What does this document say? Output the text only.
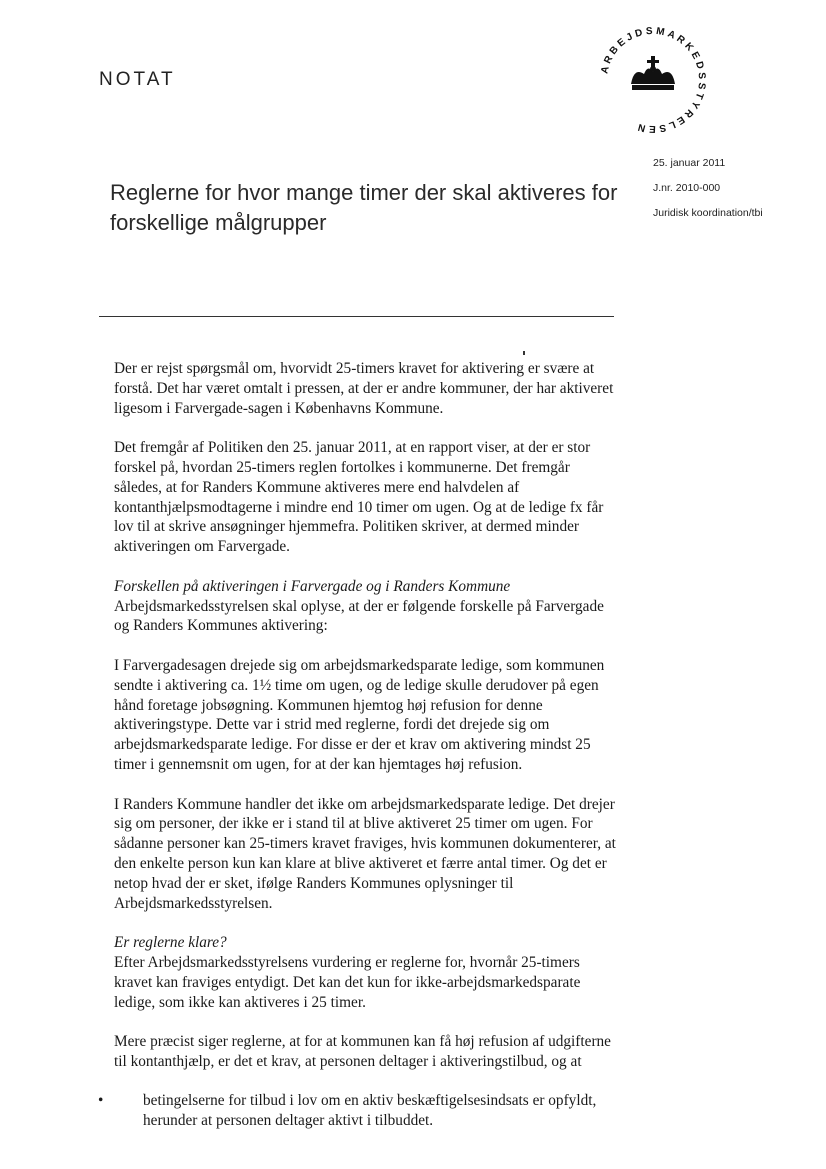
NOTAT
ARBEJDSMARKEDSSTYRELSEN
25. januar 2011
J.nr. 2010-000
Juridisk koordination/tbi
Reglerne for hvor mange timer der skal aktiveres for
forskellige målgrupper

Der er rejst spørgsmål om, hvorvidt 25-timers kravet for aktivering er svære at forstå. Det har været omtalt i pressen, at der er andre kommuner, der har aktiveret ligesom i Farvergade-sagen i Københavns Kommune.

Det fremgår af Politiken den 25. januar 2011, at en rapport viser, at der er stor forskel på, hvordan 25-timers reglen fortolkes i kommunerne. Det fremgår således, at for Randers Kommune aktiveres mere end halvdelen af kontanthjælpsmodtagerne i mindre end 10 timer om ugen. Og at de ledige fx får lov til at skrive ansøgninger hjemmefra. Politiken skriver, at dermed minder aktiveringen om Farvergade.

Forskellen på aktiveringen i Farvergade og i Randers Kommune

Arbejdsmarkedsstyrelsen skal oplyse, at der er følgende forskelle på Farvergade og Randers Kommunes aktivering:

I Farvergadesagen drejede sig om arbejdsmarkedsparate ledige, som kommunen sendte i aktivering ca. 1½ time om ugen, og de ledige skulle derudover på egen hånd foretage jobsøgning. Kommunen hjemtog høj refusion for denne aktiveringstype. Dette var i strid med reglerne, fordi det drejede sig om arbejdsmarkedsparate ledige. For disse er der et krav om aktivering mindst 25 timer i gennemsnit om ugen, for at der kan hjemtages høj refusion.

I Randers Kommune handler det ikke om arbejdsmarkedsparate ledige. Det drejer sig om personer, der ikke er i stand til at blive aktiveret 25 timer om ugen. For sådanne personer kan 25-timers kravet fraviges, hvis kommunen dokumenterer, at den enkelte person kun kan klare at blive aktiveret et færre antal timer. Og det er netop hvad der er sket, ifølge Randers Kommunes oplysninger til Arbejdsmarkedsstyrelsen.

Er reglerne klare?

Efter Arbejdsmarkedsstyrelsens vurdering er reglerne for, hvornår 25-timers kravet kan fraviges entydigt. Det kan det kun for ikke-arbejdsmarkedsparate ledige, som ikke kan aktiveres i 25 timer.

Mere præcist siger reglerne, at for at kommunen kan få høj refusion af udgifterne til kontanthjælp, er det et krav, at personen deltager i aktiveringstilbud, og at

•	betingelserne for tilbud i lov om en aktiv beskæftigelsesindsats er opfyldt, herunder at personen deltager aktivt i tilbuddet.
